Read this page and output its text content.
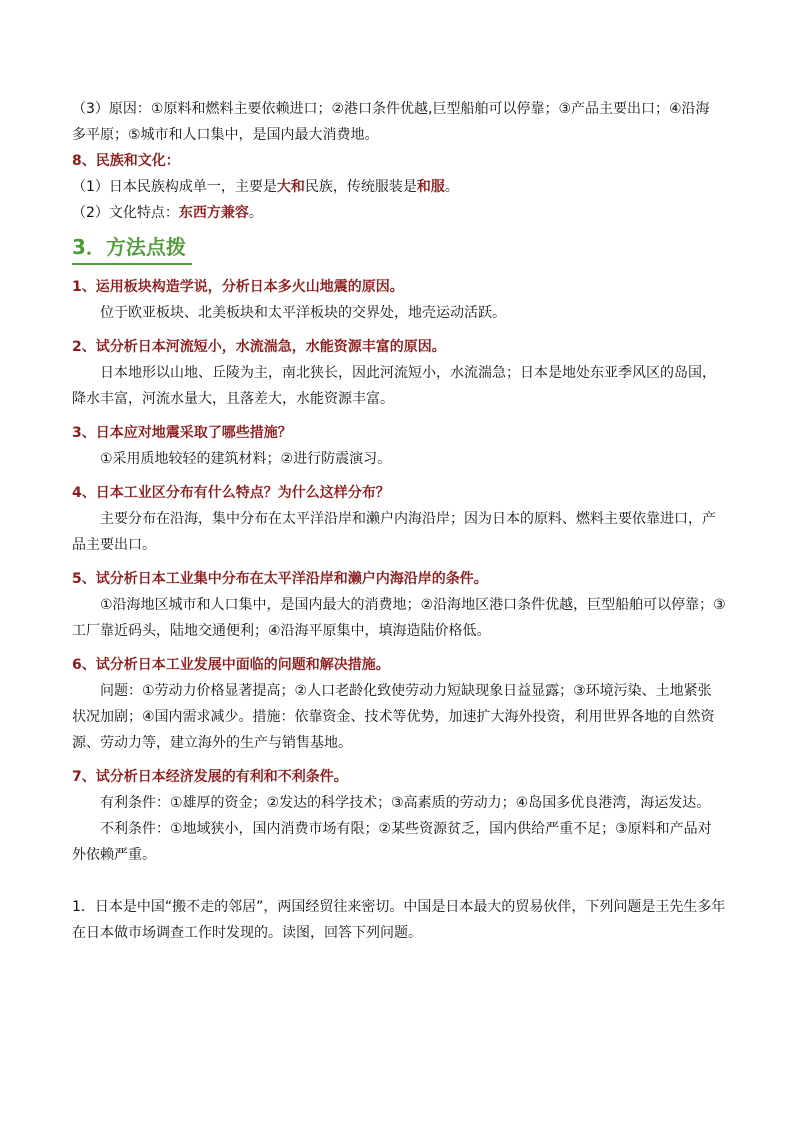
（3）原因：①原料和燃料主要依赖进口；②港口条件优越,巨型船舶可以停靠；③产品主要出口；④沿海
多平原；⑤城市和人口集中，是国内最大消费地。
8、民族和文化：
（1）日本民族构成单一，主要是大和民族，传统服装是和服。
（2）文化特点：东西方兼容。
3．方法点拨
1、运用板块构造学说，分析日本多火山地震的原因。
位于欧亚板块、北美板块和太平洋板块的交界处，地壳运动活跃。
2、试分析日本河流短小，水流湍急，水能资源丰富的原因。
日本地形以山地、丘陵为主，南北狭长，因此河流短小，水流湍急；日本是地处东亚季风区的岛国，
降水丰富，河流水量大，且落差大，水能资源丰富。
3、日本应对地震采取了哪些措施？
①采用质地较轻的建筑材料；②进行防震演习。
4、日本工业区分布有什么特点？为什么这样分布？
主要分布在沿海，集中分布在太平洋沿岸和濑户内海沿岸；因为日本的原料、燃料主要依靠进口，产
品主要出口。
5、试分析日本工业集中分布在太平洋沿岸和濑户内海沿岸的条件。
①沿海地区城市和人口集中，是国内最大的消费地；②沿海地区港口条件优越，巨型船舶可以停靠；③
工厂靠近码头，陆地交通便利；④沿海平原集中，填海造陆价格低。
6、试分析日本工业发展中面临的问题和解决措施。
问题：①劳动力价格显著提高；②人口老龄化致使劳动力短缺现象日益显露；③环境污染、土地紧张
状况加剧；④国内需求减少。措施：依靠资金、技术等优势，加速扩大海外投资，利用世界各地的自然资
源、劳动力等，建立海外的生产与销售基地。
7、试分析日本经济发展的有利和不利条件。
有利条件：①雄厚的资金；②发达的科学技术；③高素质的劳动力；④岛国多优良港湾，海运发达。
不利条件：①地域狭小，国内消费市场有限；②某些资源贫乏，国内供给严重不足；③原料和产品对
外依赖严重。
1．日本是中国“搬不走的邻居”，两国经贸往来密切。中国是日本最大的贸易伙伴，下列问题是王先生多年
在日本做市场调查工作时发现的。读图，回答下列问题。
